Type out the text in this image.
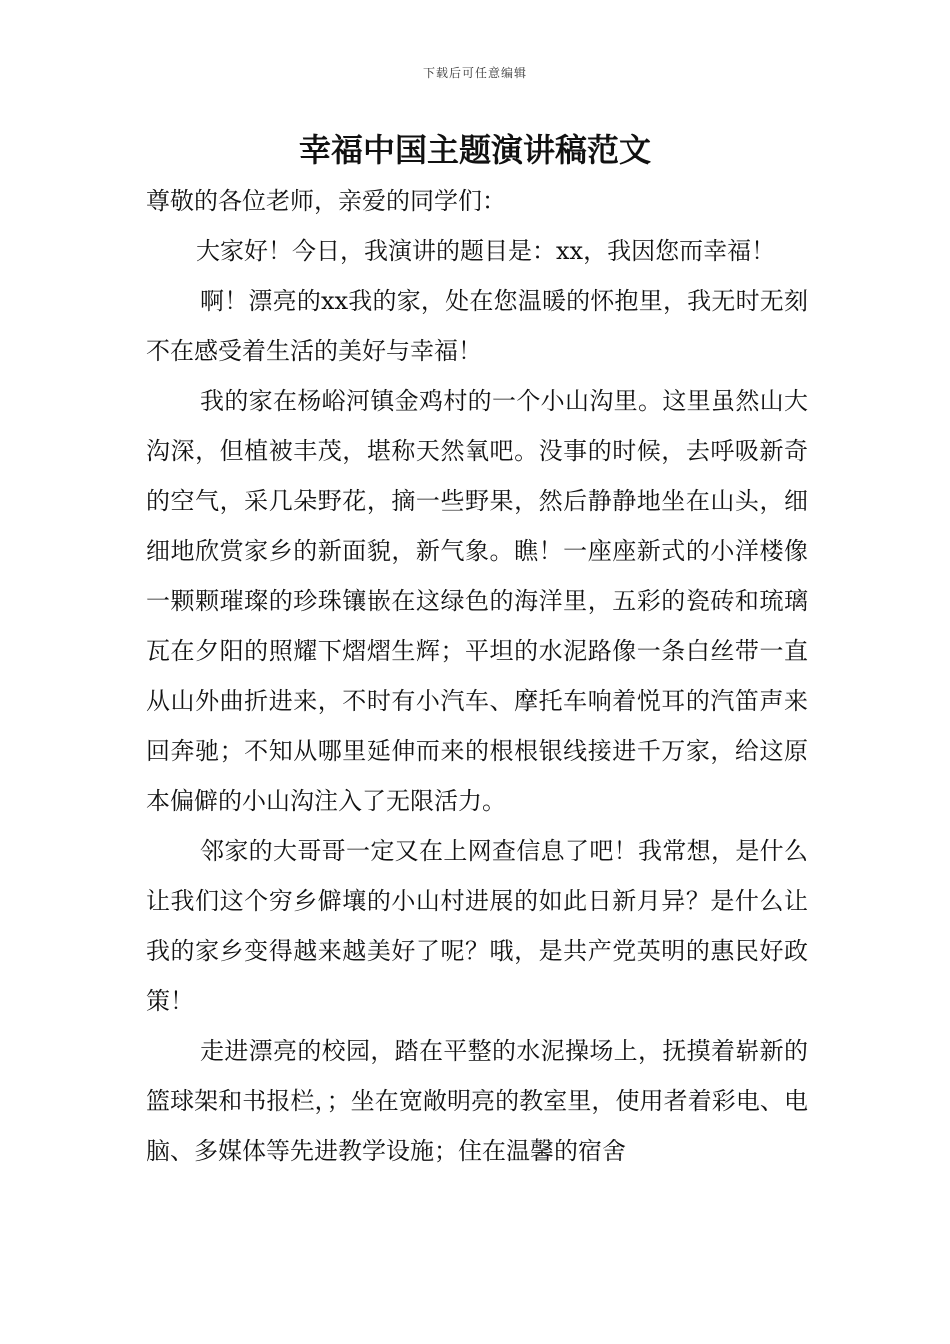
下载后可任意编辑
幸福中国主题演讲稿范文

尊敬的各位老师，亲爱的同学们：

大家好！今日，我演讲的题目是：xx，我因您而幸福！

啊！漂亮的xx我的家，处在您温暖的怀抱里，我无时无刻不在感受着生活的美好与幸福！

我的家在杨峪河镇金鸡村的一个小山沟里。这里虽然山大沟深，但植被丰茂，堪称天然氧吧。没事的时候，去呼吸新奇的空气，采几朵野花，摘一些野果，然后静静地坐在山头，细细地欣赏家乡的新面貌，新气象。瞧！一座座新式的小洋楼像一颗颗璀璨的珍珠镶嵌在这绿色的海洋里，五彩的瓷砖和琉璃瓦在夕阳的照耀下熠熠生辉；平坦的水泥路像一条白丝带一直从山外曲折进来，不时有小汽车、摩托车响着悦耳的汽笛声来回奔驰；不知从哪里延伸而来的根根银线接进千万家，给这原本偏僻的小山沟注入了无限活力。

邻家的大哥哥一定又在上网查信息了吧！我常想，是什么让我们这个穷乡僻壤的小山村进展的如此日新月异？是什么让我的家乡变得越来越美好了呢？哦，是共产党英明的惠民好政策！

走进漂亮的校园，踏在平整的水泥操场上，抚摸着崭新的篮球架和书报栏，；坐在宽敞明亮的教室里，使用者着彩电、电脑、多媒体等先进教学设施；住在温馨的宿舍
